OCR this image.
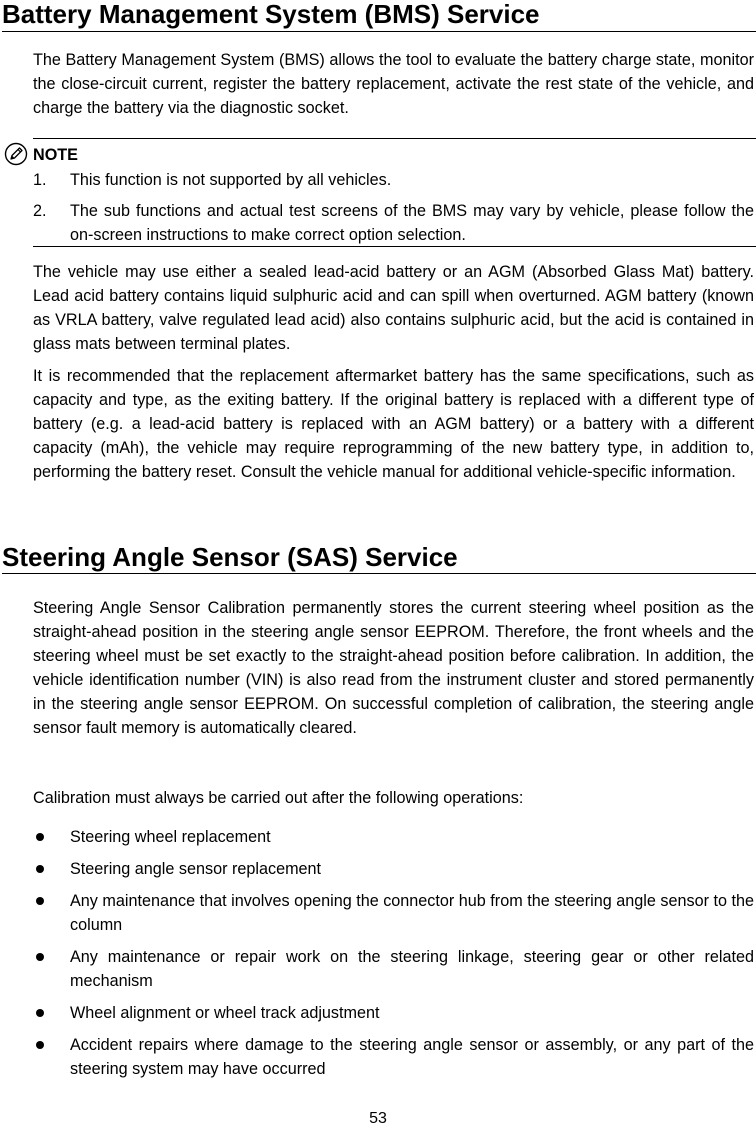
Battery Management System (BMS) Service
The Battery Management System (BMS) allows the tool to evaluate the battery charge state, monitor the close-circuit current, register the battery replacement, activate the rest state of the vehicle, and charge the battery via the diagnostic socket.
NOTE
1. This function is not supported by all vehicles.
2. The sub functions and actual test screens of the BMS may vary by vehicle, please follow the on-screen instructions to make correct option selection.
The vehicle may use either a sealed lead-acid battery or an AGM (Absorbed Glass Mat) battery. Lead acid battery contains liquid sulphuric acid and can spill when overturned. AGM battery (known as VRLA battery, valve regulated lead acid) also contains sulphuric acid, but the acid is contained in glass mats between terminal plates.
It is recommended that the replacement aftermarket battery has the same specifications, such as capacity and type, as the exiting battery. If the original battery is replaced with a different type of battery (e.g. a lead-acid battery is replaced with an AGM battery) or a battery with a different capacity (mAh), the vehicle may require reprogramming of the new battery type, in addition to, performing the battery reset. Consult the vehicle manual for additional vehicle-specific information.
Steering Angle Sensor (SAS) Service
Steering Angle Sensor Calibration permanently stores the current steering wheel position as the straight-ahead position in the steering angle sensor EEPROM. Therefore, the front wheels and the steering wheel must be set exactly to the straight-ahead position before calibration. In addition, the vehicle identification number (VIN) is also read from the instrument cluster and stored permanently in the steering angle sensor EEPROM. On successful completion of calibration, the steering angle sensor fault memory is automatically cleared.
Calibration must always be carried out after the following operations:
Steering wheel replacement
Steering angle sensor replacement
Any maintenance that involves opening the connector hub from the steering angle sensor to the column
Any maintenance or repair work on the steering linkage, steering gear or other related mechanism
Wheel alignment or wheel track adjustment
Accident repairs where damage to the steering angle sensor or assembly, or any part of the steering system may have occurred
53
